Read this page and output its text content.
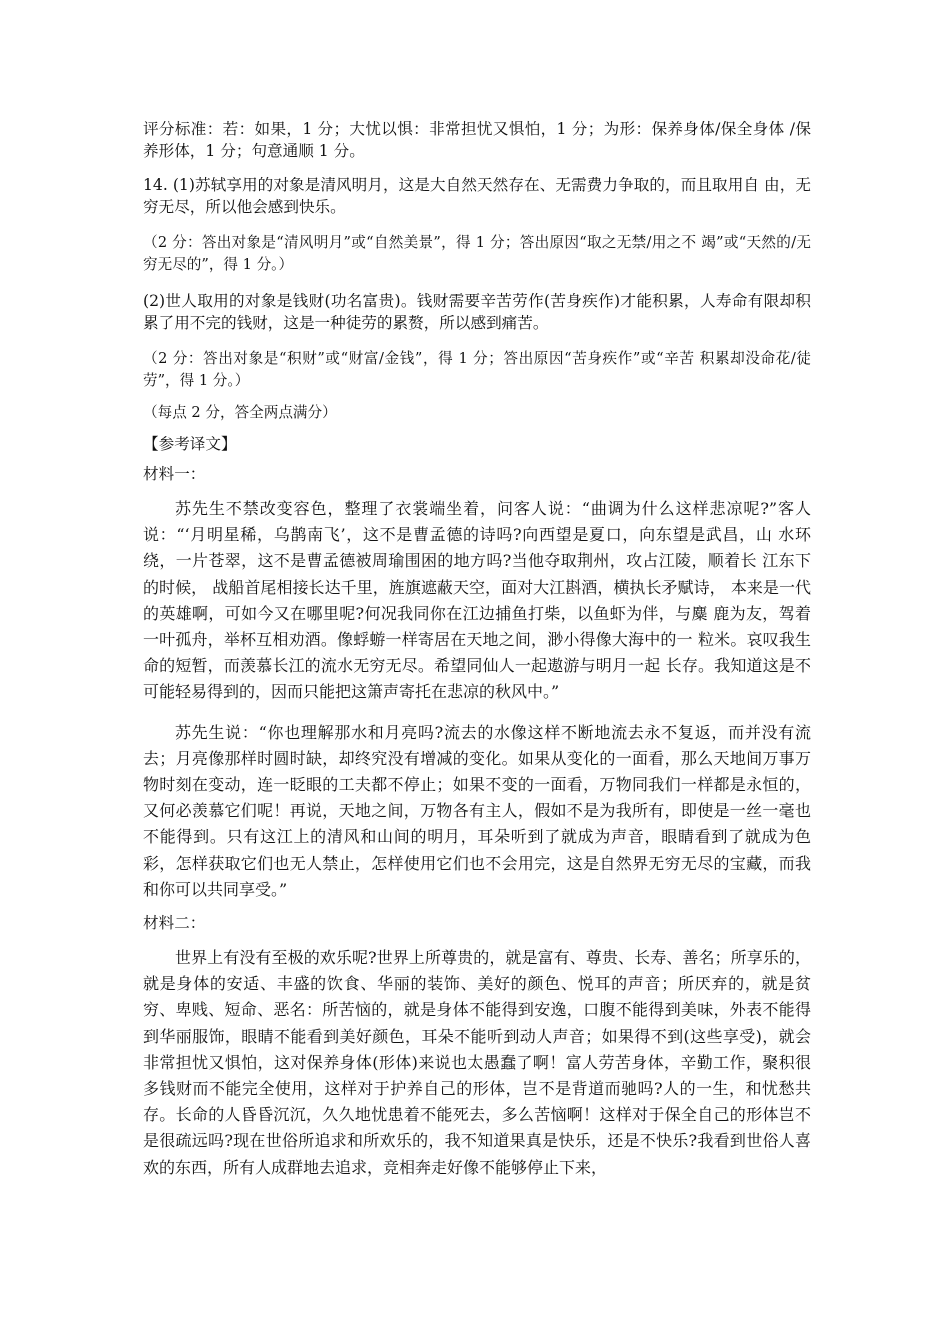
评分标准：若：如果，1 分；大忧以惧：非常担忧又惧怕，1 分；为形：保养身体/保全身体 /保养形体，1 分；句意通顺 1 分。

14. (1)苏轼享用的对象是清风明月，这是大自然天然存在、无需费力争取的，而且取用自 由，无穷无尽，所以他会感到快乐。

（2 分：答出对象是“清风明月”或“自然美景”，得 1 分；答出原因“取之无禁/用之不 竭”或“天然的/无穷无尽的”，得 1 分。）

(2)世人取用的对象是钱财(功名富贵)。钱财需要辛苦劳作(苦身疾作)才能积累，人寿命有限却积累了用不完的钱财，这是一种徒劳的累赘，所以感到痛苦。

（2 分：答出对象是“积财”或“财富/金钱”，得 1 分；答出原因“苦身疾作”或“辛苦 积累却没命花/徒劳”，得 1 分。）

（每点 2 分，答全两点满分）

【参考译文】

材料一：

苏先生不禁改变容色，整理了衣裳端坐着，问客人说：“曲调为什么这样悲凉呢?”客人说：“‘月明星稀，乌鹊南飞’，这不是曹孟德的诗吗?向西望是夏口，向东望是武昌，山 水环绕，一片苍翠，这不是曹孟德被周瑜围困的地方吗?当他夺取荆州，攻占江陵，顺着长 江东下的时候， 战船首尾相接长达千里，旌旗遮蔽天空，面对大江斟酒，横执长矛赋诗， 本来是一代的英雄啊，可如今又在哪里呢?何况我同你在江边捕鱼打柴，以鱼虾为伴，与麋 鹿为友，驾着一叶孤舟，举杯互相劝酒。像蜉蝣一样寄居在天地之间，渺小得像大海中的一 粒米。哀叹我生命的短暂，而羡慕长江的流水无穷无尽。希望同仙人一起遨游与明月一起 长存。我知道这是不可能轻易得到的，因而只能把这箫声寄托在悲凉的秋风中。”

苏先生说：“你也理解那水和月亮吗?流去的水像这样不断地流去永不复返，而并没有流去；月亮像那样时圆时缺，却终究没有增减的变化。如果从变化的一面看，那么天地间万事万物时刻在变动，连一眨眼的工夫都不停止；如果不变的一面看，万物同我们一样都是永恒的，又何必羡慕它们呢！再说，天地之间，万物各有主人，假如不是为我所有，即使是一丝一毫也不能得到。只有这江上的清风和山间的明月，耳朵听到了就成为声音，眼睛看到了就成为色彩，怎样获取它们也无人禁止，怎样使用它们也不会用完，这是自然界无穷无尽的宝藏，而我和你可以共同享受。”

材料二：

世界上有没有至极的欢乐呢?世界上所尊贵的，就是富有、尊贵、长寿、善名；所享乐的，就是身体的安适、丰盛的饮食、华丽的装饰、美好的颜色、悦耳的声音；所厌弃的，就是贫穷、卑贱、短命、恶名：所苦恼的，就是身体不能得到安逸，口腹不能得到美味，外表不能得到华丽服饰，眼睛不能看到美好颜色，耳朵不能听到动人声音；如果得不到(这些享受)，就会非常担忧又惧怕，这对保养身体(形体)来说也太愚蠢了啊！富人劳苦身体，辛勤工作，聚积很多钱财而不能完全使用，这样对于护养自己的形体，岂不是背道而驰吗?人的一生，和忧愁共存。长命的人昏昏沉沉，久久地忧患着不能死去，多么苦恼啊！这样对于保全自己的形体岂不是很疏远吗?现在世俗所追求和所欢乐的，我不知道果真是快乐，还是不快乐?我看到世俗人喜欢的东西，所有人成群地去追求，竞相奔走好像不能够停止下来，
